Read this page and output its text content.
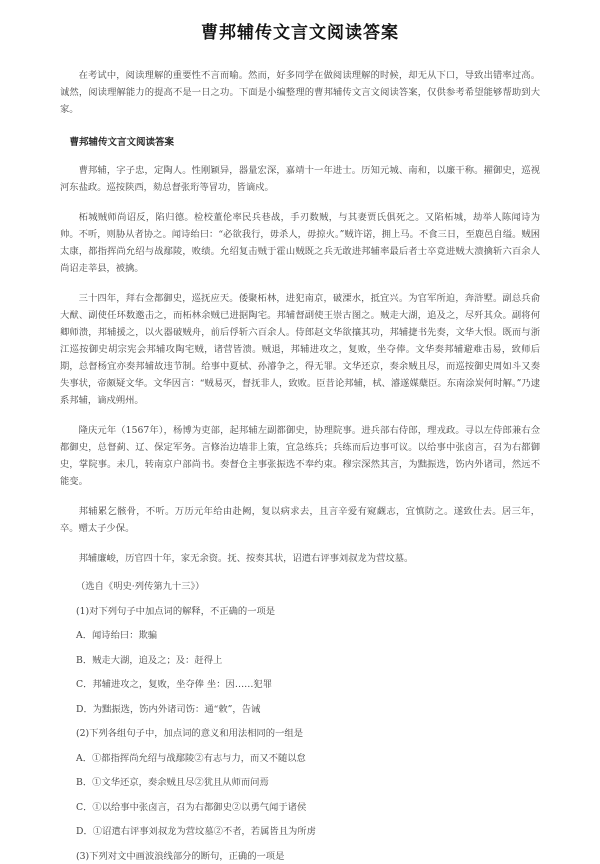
曹邦辅传文言文阅读答案

在考试中，阅读理解的重要性不言而喻。然而，好多同学在做阅读理解的时候，却无从下口，导致出错率过高。诚然，阅读理解能力的提高不是一日之功。下面是小编整理的曹邦辅传文言文阅读答案，仅供参考希望能够帮助到大家。

曹邦辅传文言文阅读答案

曹邦辅，字子忠，定陶人。性刚颖异，器量宏深，嘉靖十一年进士。历知元城、南和，以廉干称。擢御史，巡视河东盐政。巡按陕西，劾总督张珩等冒功，皆谪戍。

柘城贼师尚诏反，陷归德。检校董伦率民兵巷战，手刃数贼，与其妻贾氏俱死之。又陷柘城，劫举人陈闻诗为帅。不听，则胁从者协之。闻诗绐曰：“必欲我行，毋杀人，毋掠火。”贼许诺，拥上马。不食三日，至鹿邑自缢。贼困太康，都指挥尚允绍与战鄢陵，败绩。允绍复击贼于霍山贼既之兵无敢进邦辅率最后者士卒竟进贼大溃擒斩六百余人尚诏走莘县，被擒。

三十四年，拜右佥都御史，巡抚应天。倭聚柘林，进犯南京，破溧水，抵宜兴。为官军所迫，奔浒墅。副总兵俞大猷、副使任环数邀击之，而柘林余贼已进据陶宅。邦辅督副使王崇古图之。贼走大湖，追及之，尽歼其众。副将何卿师溃，邦辅援之，以火器破贼舟，前后俘斩六百余人。侍郎赵文华欲攘其功，邦辅捷书先奏，文华大恨。既而与浙江巡按御史胡宗宪会邦辅攻陶宅贼，诸营皆溃。贼退，邦辅进攻之，复败，坐夺俸。文华奏邦辅避难击易，致师后期，总督杨宜亦奏邦辅故违节制。给事中夏栻、孙濬争之，得无罪。文华还京，奏余贼且尽，而巡按御史周如斗又奏失事状，帝颇疑文华。文华因言：“贼易灭，督抚非人，致败。臣昔论邦辅，栻、濬遂媒蘖臣。东南涂炭何时解。”乃逮系邦辅，谪戍朔州。

隆庆元年（1567年），杨博为吏部，起邦辅左副都御史，协理院事。进兵部右侍郎，理戎政。寻以左侍郎兼右佥都御史，总督蓟、辽、保定军务。言修治边墙非上策，宜急练兵；兵练而后边事可议。以给事中张卤言，召为右都御史，掌院事。未几，转南京户部尚书。奏督仓主事张振选不奉约束。穆宗深然其言，为黜振选，饬内外诸司，然远不能变。

邦辅累乞骸骨，不听。万历元年给由赴阙，复以病求去，且言辛爱有窥觑志，宜慎防之。遂致仕去。居三年，卒。赠太子少保。

邦辅廉峻，历官四十年，家无余资。抚、按奏其状，诏遣右评事刘叔龙为营坟墓。

（选自《明史·列传第九十三》）

(1)对下列句子中加点词的解释，不正确的一项是

A．闻诗绐曰：欺骗

B．贼走大湖，追及之；及：赶得上

C．邦辅进攻之，复败，坐夺俸 坐：因……犯罪

D．为黜振选，饬内外诸司饬：通“敕”，告诫

(2)下列各组句子中，加点词的意义和用法相同的一组是

A．①都指挥尚允绍与战鄢陵②有志与力，而又不随以怠

B．①文华还京，奏余贼且尽②犹且从师而问焉

C．①以给事中张卤言，召为右都御史②以勇气闻于诸侯

D．①诏遣右评事刘叔龙为营坟墓②不者，若属皆且为所虏

(3)下列对文中画波浪线部分的断句，正确的一项是
